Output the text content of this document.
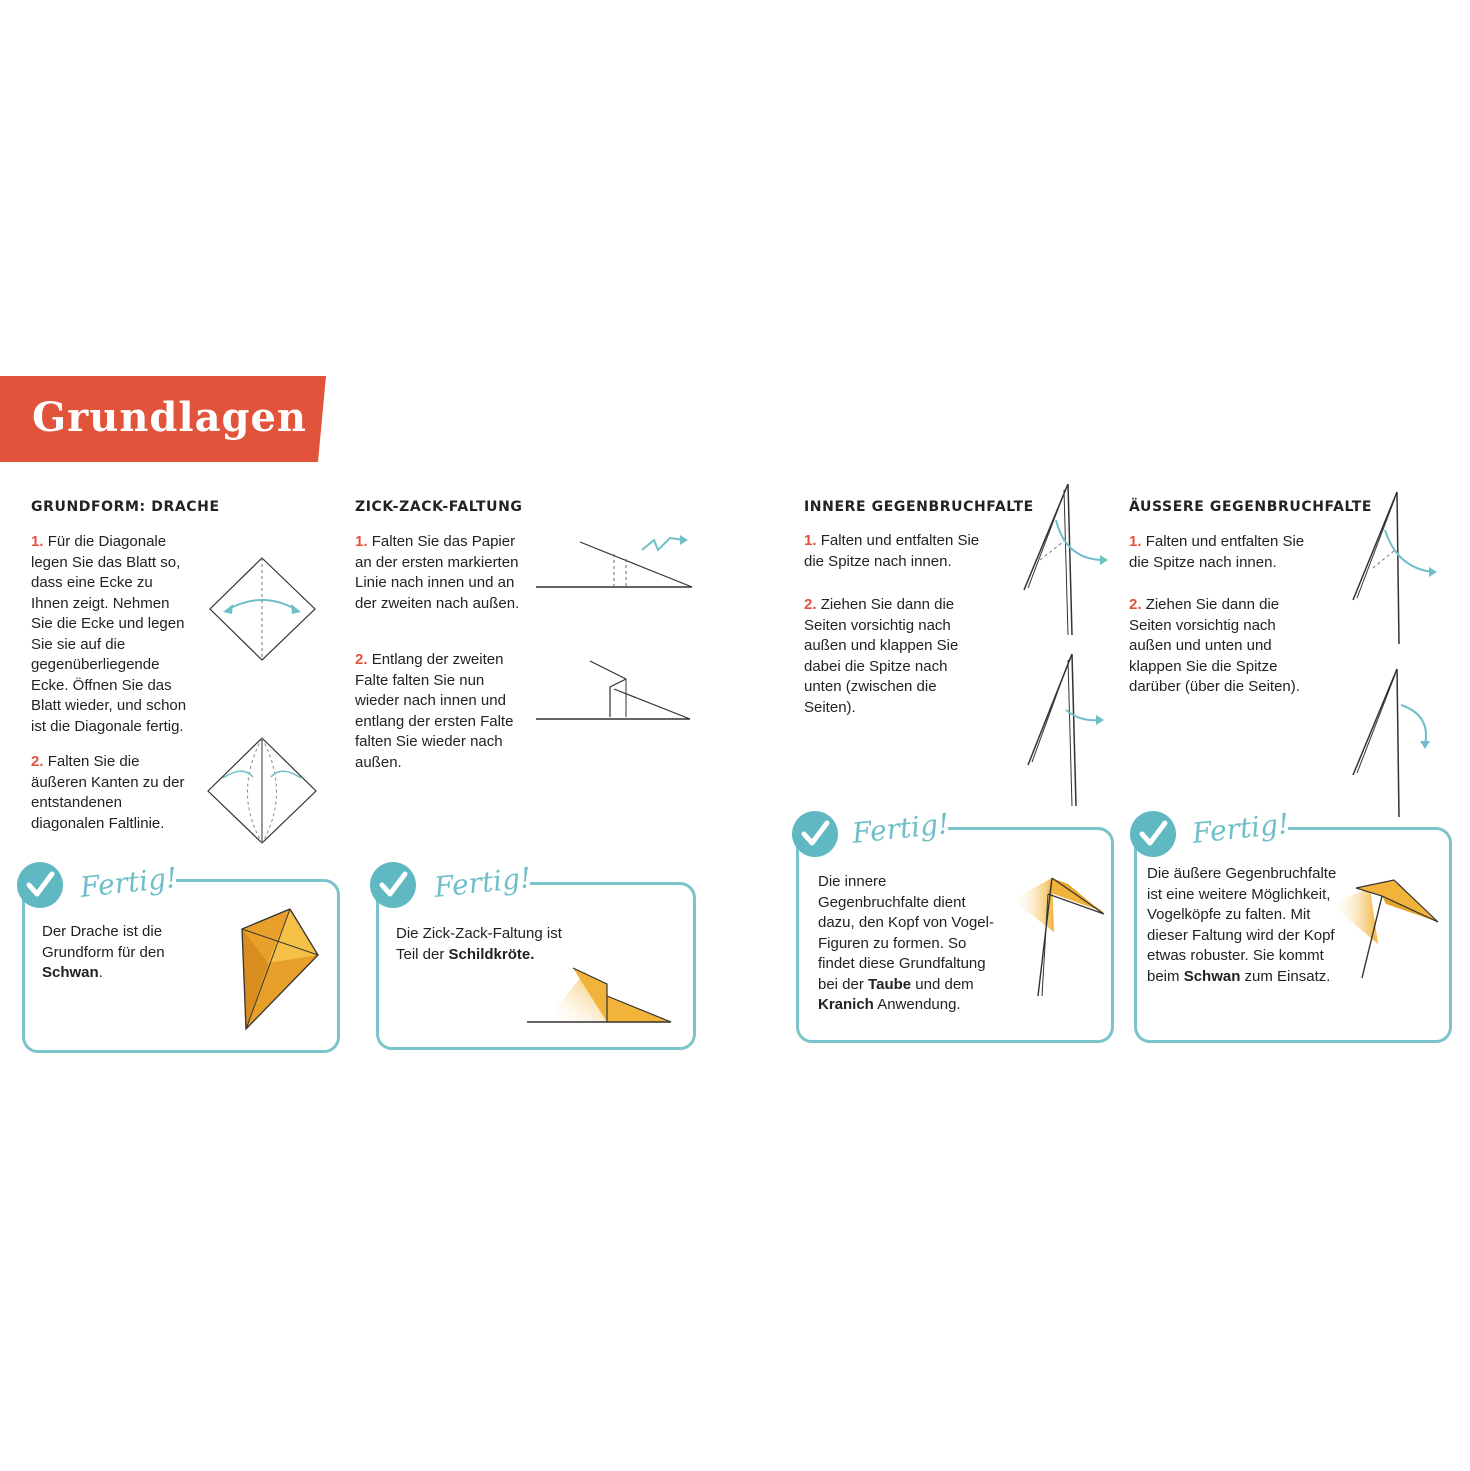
Grundlagen
GRUNDFORM: DRACHE
1. Für die Diagonale legen Sie das Blatt so, dass eine Ecke zu Ihnen zeigt. Nehmen Sie die Ecke und legen Sie sie auf die gegenüberliegende Ecke. Öffnen Sie das Blatt wieder, und schon ist die Diagonale fertig.
2. Falten Sie die äußeren Kanten zu der entstandenen diagonalen Faltlinie.
Fertig!
Der Drache ist die Grundform für den Schwan.
ZICK-ZACK-FALTUNG
1. Falten Sie das Papier an der ersten markierten Linie nach innen und an der zweiten nach außen.
2. Entlang der zweiten Falte falten Sie nun wieder nach innen und entlang der ersten Falte falten Sie wieder nach außen.
Fertig!
Die Zick-Zack-Faltung ist Teil der Schildkröte.
INNERE GEGENBRUCHFALTE
1. Falten und entfalten Sie die Spitze nach innen.
2. Ziehen Sie dann die Seiten vorsichtig nach außen und klappen Sie dabei die Spitze nach unten (zwischen die Seiten).
Fertig!
Die innere Gegenbruchfalte dient dazu, den Kopf von Vogel-Figuren zu formen. So findet diese Grundfaltung bei der Taube und dem Kranich Anwendung.
ÄUSSERE GEGENBRUCHFALTE
1. Falten und entfalten Sie die Spitze nach innen.
2. Ziehen Sie dann die Seiten vorsichtig nach außen und unten und klappen Sie die Spitze darüber (über die Seiten).
Fertig!
Die äußere Gegenbruchfalte ist eine weitere Möglichkeit, Vogelköpfe zu falten. Mit dieser Faltung wird der Kopf etwas robuster. Sie kommt beim Schwan zum Einsatz.
